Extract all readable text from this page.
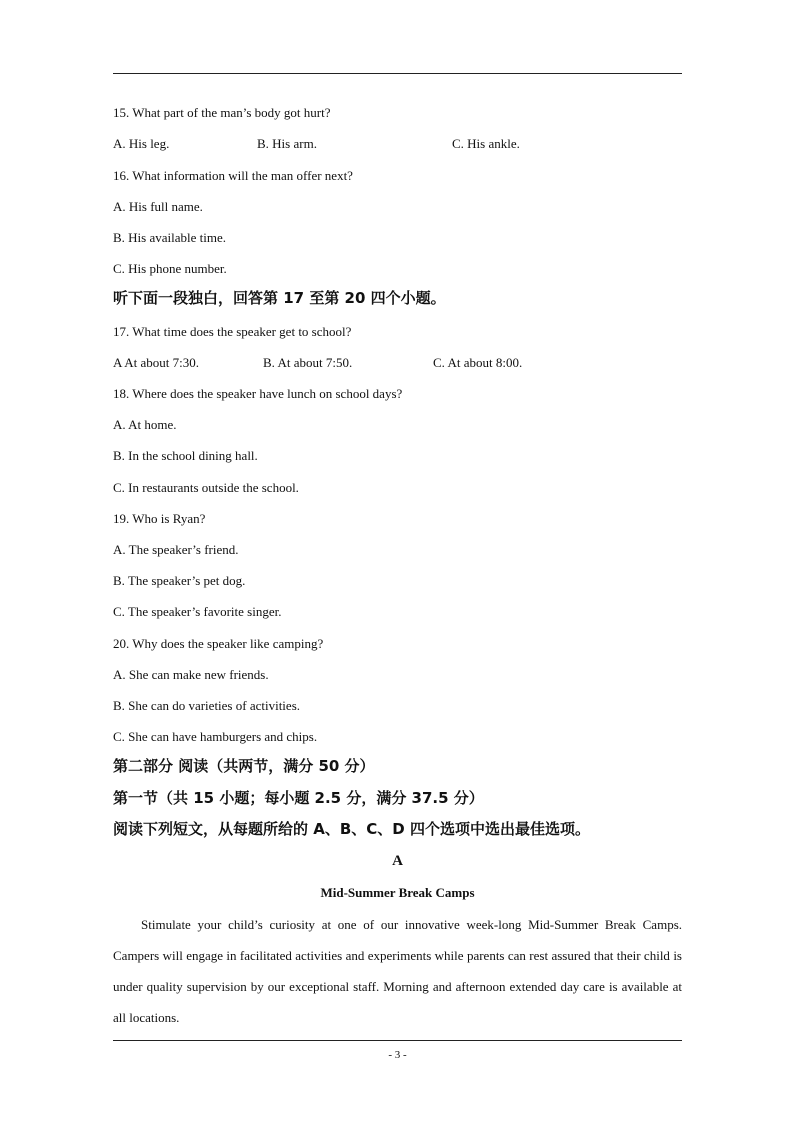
15. What part of the man’s body got hurt?
A. His leg.	B. His arm.	C. His ankle.
16. What information will the man offer next?
A. His full name.
B. His available time.
C. His phone number.
听下面一段独白，回答第 17 至第 20 四个小题。
17. What time does the speaker get to school?
A At about 7:30.	B. At about 7:50.	C. At about 8:00.
18. Where does the speaker have lunch on school days?
A. At home.
B. In the school dining hall.
C. In restaurants outside the school.
19. Who is Ryan?
A. The speaker’s friend.
B. The speaker’s pet dog.
C. The speaker’s favorite singer.
20. Why does the speaker like camping?
A. She can make new friends.
B. She can do varieties of activities.
C. She can have hamburgers and chips.
第二部分 阅读（共两节，满分 50 分）
第一节（共 15 小题；每小题 2.5 分，满分 37.5 分）
阅读下列短文，从每题所给的 A、B、C、D 四个选项中选出最佳选项。
A
Mid-Summer Break Camps

Stimulate your child’s curiosity at one of our innovative week-long Mid-Summer Break Camps. Campers will engage in facilitated activities and experiments while parents can rest assured that their child is under quality supervision by our exceptional staff. Morning and afternoon extended day care is available at all locations.

- 3 -
